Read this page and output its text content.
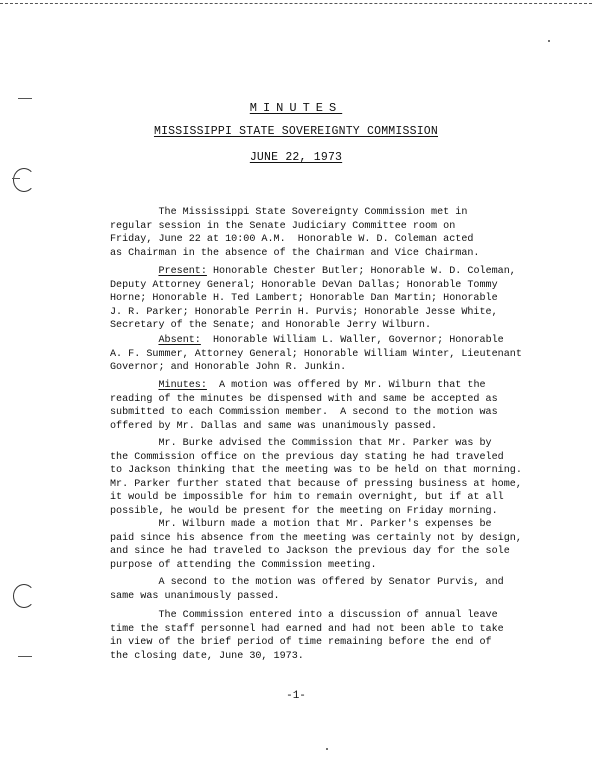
MINUTES
MISSISSIPPI STATE SOVEREIGNTY COMMISSION
JUNE 22, 1973

The Mississippi State Sovereignty Commission met in
regular session in the Senate Judiciary Committee room on
Friday, June 22 at 10:00 A.M.  Honorable W. D. Coleman acted
as Chairman in the absence of the Chairman and Vice Chairman.

Present: Honorable Chester Butler; Honorable W. D. Coleman,
Deputy Attorney General; Honorable DeVan Dallas; Honorable Tommy
Horne; Honorable H. Ted Lambert; Honorable Dan Martin; Honorable
J. R. Parker; Honorable Perrin H. Purvis; Honorable Jesse White,
Secretary of the Senate; and Honorable Jerry Wilburn.

Absent:  Honorable William L. Waller, Governor; Honorable
A. F. Summer, Attorney General; Honorable William Winter, Lieutenant
Governor; and Honorable John R. Junkin.

Minutes:  A motion was offered by Mr. Wilburn that the
reading of the minutes be dispensed with and same be accepted as
submitted to each Commission member.  A second to the motion was
offered by Mr. Dallas and same was unanimously passed.

Mr. Burke advised the Commission that Mr. Parker was by
the Commission office on the previous day stating he had traveled
to Jackson thinking that the meeting was to be held on that morning.
Mr. Parker further stated that because of pressing business at home,
it would be impossible for him to remain overnight, but if at all
possible, he would be present for the meeting on Friday morning.

Mr. Wilburn made a motion that Mr. Parker's expenses be
paid since his absence from the meeting was certainly not by design,
and since he had traveled to Jackson the previous day for the sole
purpose of attending the Commission meeting.

A second to the motion was offered by Senator Purvis, and
same was unanimously passed.

The Commission entered into a discussion of annual leave
time the staff personnel had earned and had not been able to take
in view of the brief period of time remaining before the end of
the closing date, June 30, 1973.

-1-
